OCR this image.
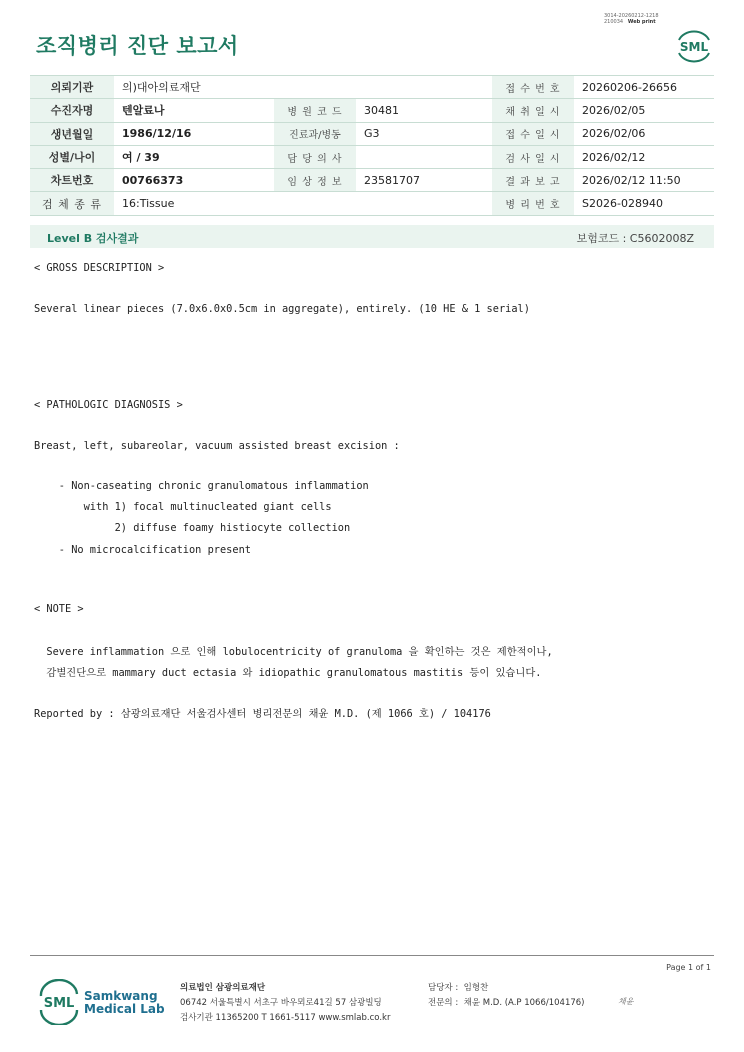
3014-20260212-1218
210034 Web print
조직병리 진단 보고서	SML
의뢰기관	의)대아의료재단			접 수 번 호	20260206-26656
수진자명	텐알료나	병 원 코 드	30481	채 취 일 시	2026/02/05
생년월일	1986/12/16	진료과/병동	G3	접 수 일 시	2026/02/06
성별/나이	여 / 39	담 당 의 사		검 사 일 시	2026/02/12
차트번호	00766373	임 상 정 보	23581707	결 과 보 고	2026/02/12 11:50
검 체 종 류	16:Tissue			병 리 번 호	S2026-028940
Level B 검사결과	보험코드 : C5602008Z
< GROSS DESCRIPTION >
Several linear pieces (7.0x6.0x0.5cm in aggregate), entirely. (10 HE & 1 serial)
< PATHOLOGIC DIAGNOSIS >
Breast, left, subareolar, vacuum assisted breast excision :
- Non-caseating chronic granulomatous inflammation
with 1) focal multinucleated giant cells
2) diffuse foamy histiocyte collection
- No microcalcification present
< NOTE >
Severe inflammation 으로 인해 lobulocentricity of granuloma 을 확인하는 것은 제한적이나,
감별진단으로 mammary duct ectasia 와 idiopathic granulomatous mastitis 등이 있습니다.
Reported by : 삼광의료재단 서울검사센터 병리전문의 채윤 M.D. (제 1066 호) / 104176
Page 1 of 1
SML Samkwang
Medical Lab
의료법인 삼광의료재단
06742 서울특별시 서초구 바우뫼로41길 57 삼광빌딩
검사기관 11365200 T 1661-5117 www.smlab.co.kr
담당자 : 임형찬
전문의 : 채윤 M.D. (A.P 1066/104176)	채윤
